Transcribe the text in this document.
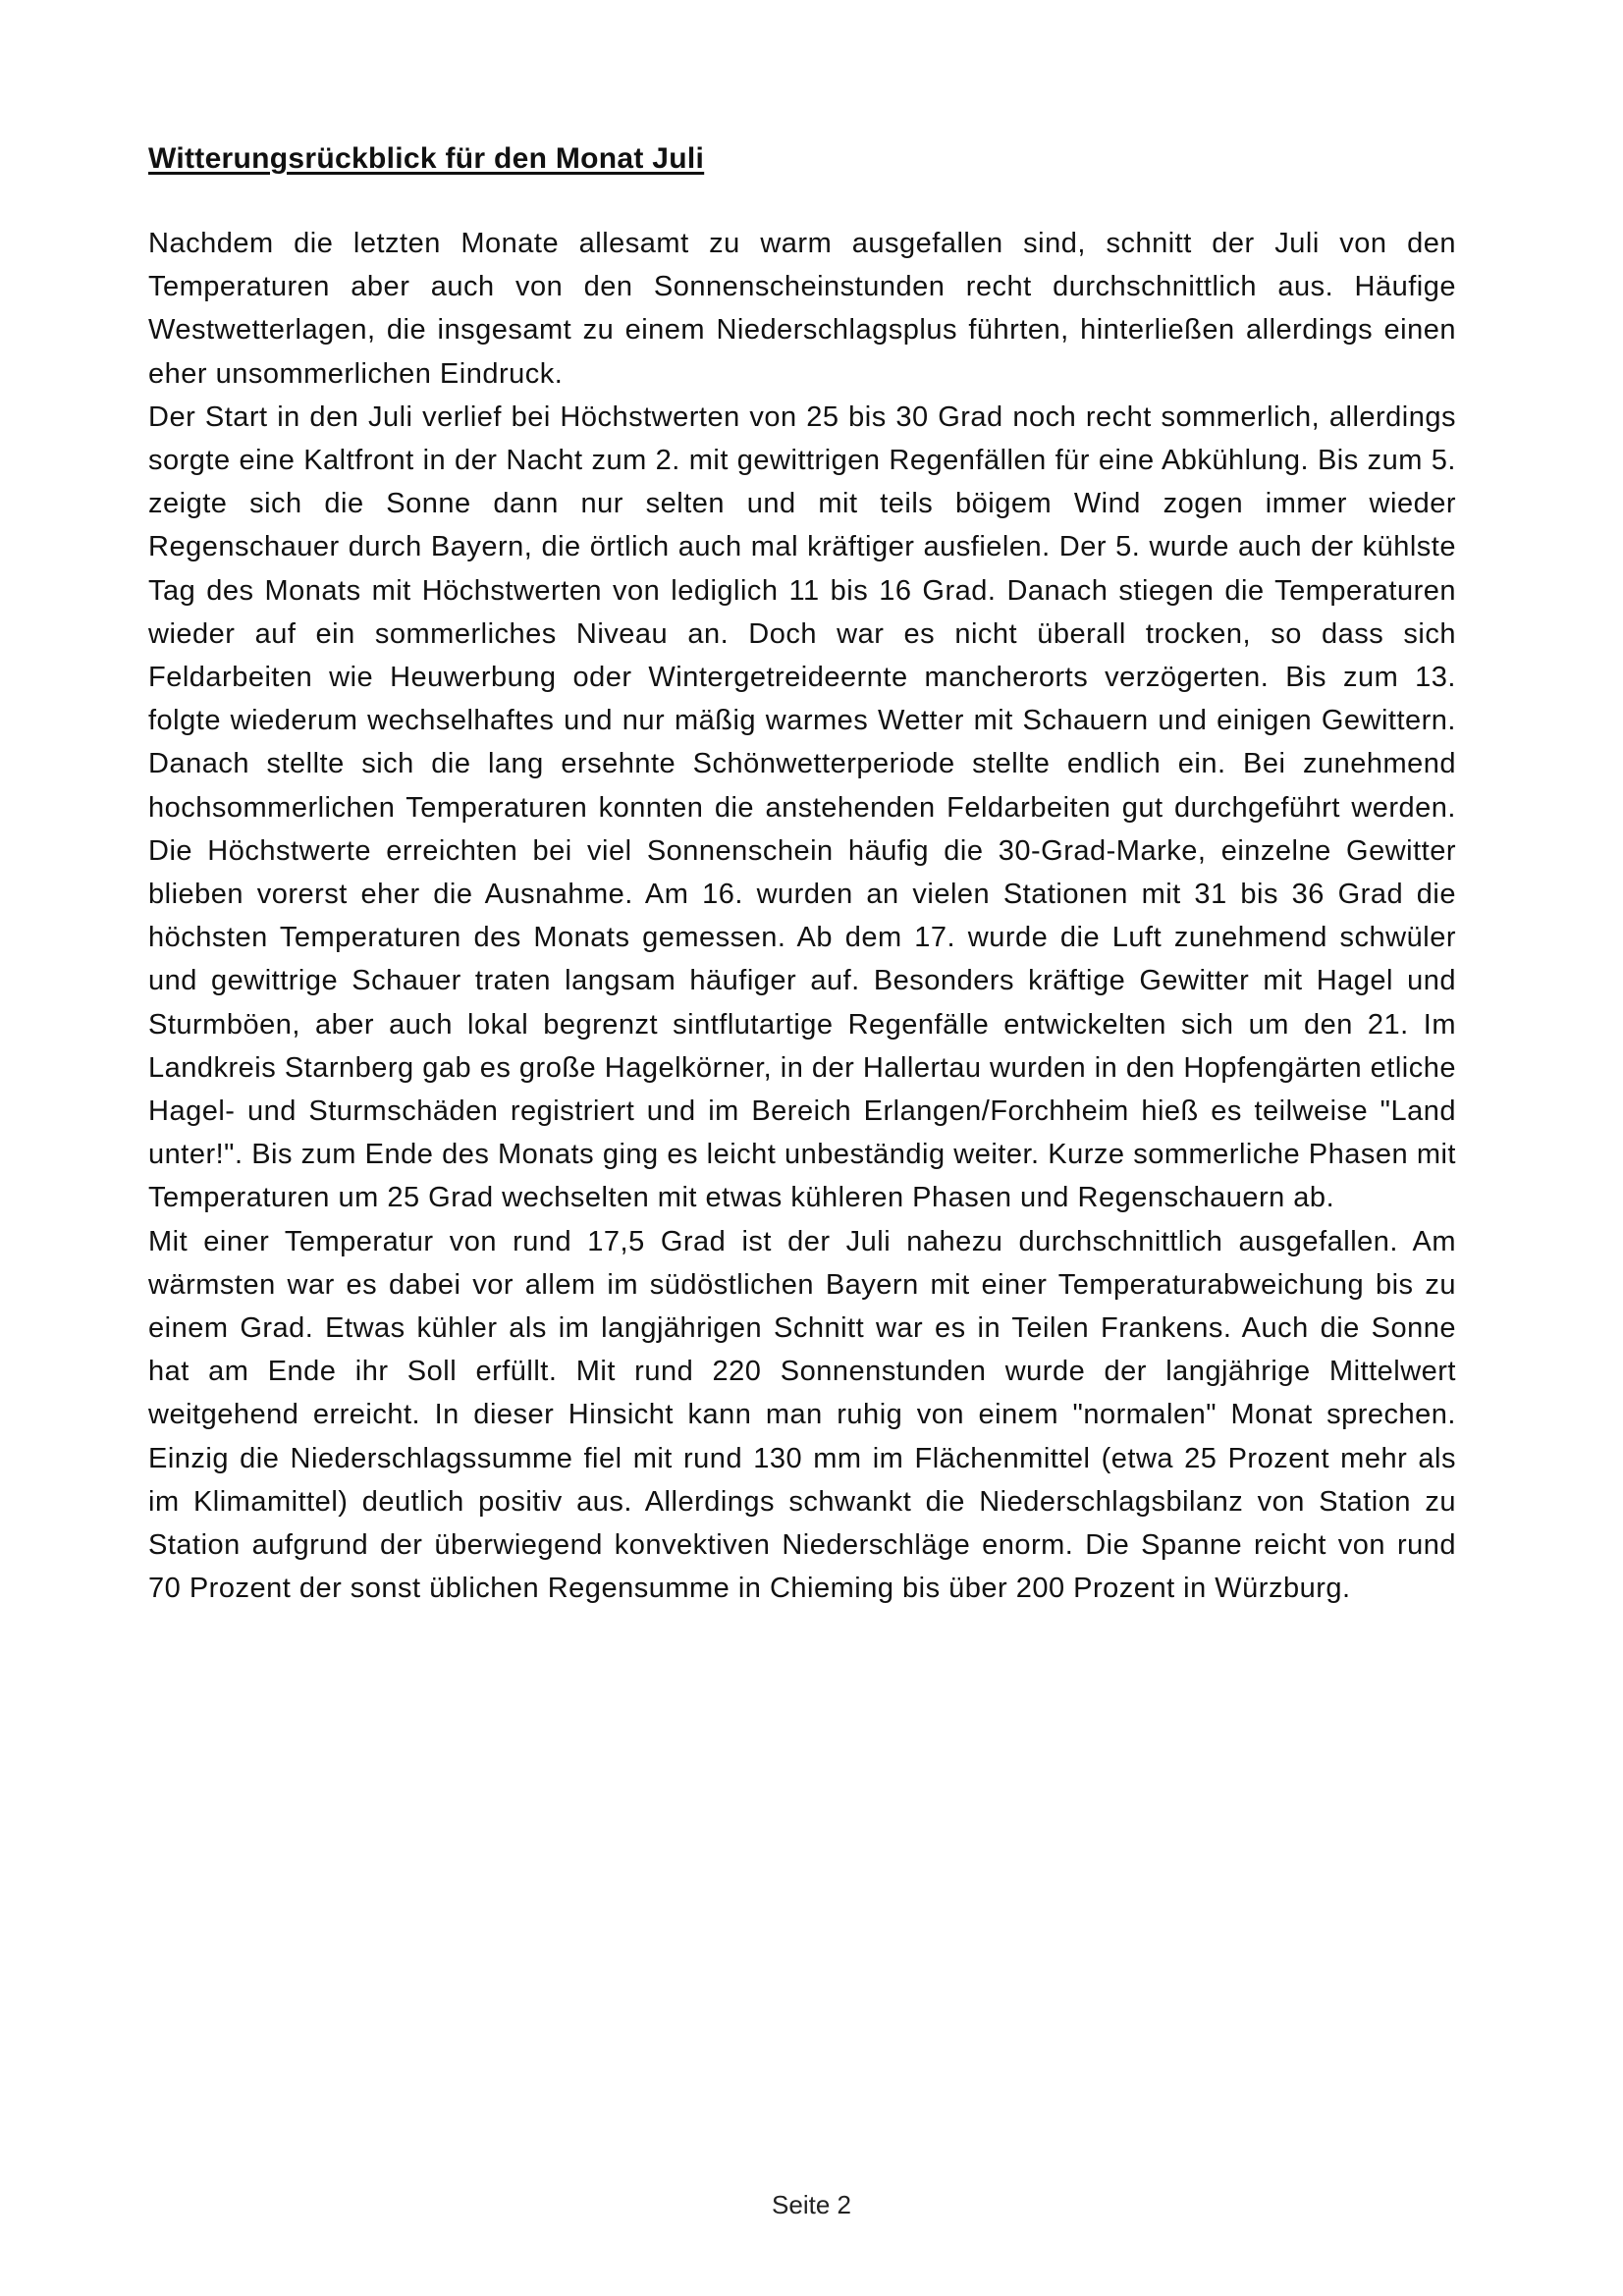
Witterungsrückblick für den Monat Juli

Nachdem die letzten Monate allesamt zu warm ausgefallen sind, schnitt der Juli von den Temperaturen aber auch von den Sonnenscheinstunden recht durchschnittlich aus. Häufige Westwetterlagen, die insgesamt zu einem Niederschlagsplus führten, hinterließen allerdings einen eher unsommerlichen Eindruck.

Der Start in den Juli verlief bei Höchstwerten von 25 bis 30 Grad noch recht sommerlich, allerdings sorgte eine Kaltfront in der Nacht zum 2. mit gewittrigen Regenfällen für eine Abkühlung. Bis zum 5. zeigte sich die Sonne dann nur selten und mit teils böigem Wind zogen immer wieder Regenschauer durch Bayern, die örtlich auch mal kräftiger ausfielen. Der 5. wurde auch der kühlste Tag des Monats mit Höchstwerten von lediglich 11 bis 16 Grad. Danach stiegen die Temperaturen wieder auf ein sommerliches Niveau an. Doch war es nicht überall trocken, so dass sich Feldarbeiten wie Heuwerbung oder Wintergetreideernte mancherorts verzögerten. Bis zum 13. folgte wiederum wechselhaftes und nur mäßig warmes Wetter mit Schauern und einigen Gewittern. Danach stellte sich die lang ersehnte Schönwetterperiode stellte endlich ein. Bei zunehmend hochsommerlichen Temperaturen konnten die anstehenden Feldarbeiten gut durchgeführt werden. Die Höchstwerte erreichten bei viel Sonnenschein häufig die 30-Grad-Marke, einzelne Gewitter blieben vorerst eher die Ausnahme. Am 16. wurden an vielen Stationen mit 31 bis 36 Grad die höchsten Temperaturen des Monats gemessen. Ab dem 17. wurde die Luft zunehmend schwüler und gewittrige Schauer traten langsam häufiger auf. Besonders kräftige Gewitter mit Hagel und Sturmböen, aber auch lokal begrenzt sintflutartige Regenfälle entwickelten sich um den 21. Im Landkreis Starnberg gab es große Hagelkörner, in der Hallertau wurden in den Hopfengärten etliche Hagel- und Sturmschäden registriert und im Bereich Erlangen/Forchheim hieß es teilweise "Land unter!". Bis zum Ende des Monats ging es leicht unbeständig weiter. Kurze sommerliche Phasen mit Temperaturen um 25 Grad wechselten mit etwas kühleren Phasen und Regenschauern ab.

Mit einer Temperatur von rund 17,5 Grad ist der Juli nahezu durchschnittlich ausgefallen. Am wärmsten war es dabei vor allem im südöstlichen Bayern mit einer Temperaturabweichung bis zu einem Grad. Etwas kühler als im langjährigen Schnitt war es in Teilen Frankens. Auch die Sonne hat am Ende ihr Soll erfüllt. Mit rund 220 Sonnenstunden wurde der langjährige Mittelwert weitgehend erreicht. In dieser Hinsicht kann man ruhig von einem "normalen" Monat sprechen. Einzig die Niederschlagssumme fiel mit rund 130 mm im Flächenmittel (etwa 25 Prozent mehr als im Klimamittel) deutlich positiv aus. Allerdings schwankt die Niederschlagsbilanz von Station zu Station aufgrund der überwiegend konvektiven Niederschläge enorm. Die Spanne reicht von rund 70 Prozent der sonst üblichen Regensumme in Chieming bis über 200 Prozent in Würzburg.

Seite 2
